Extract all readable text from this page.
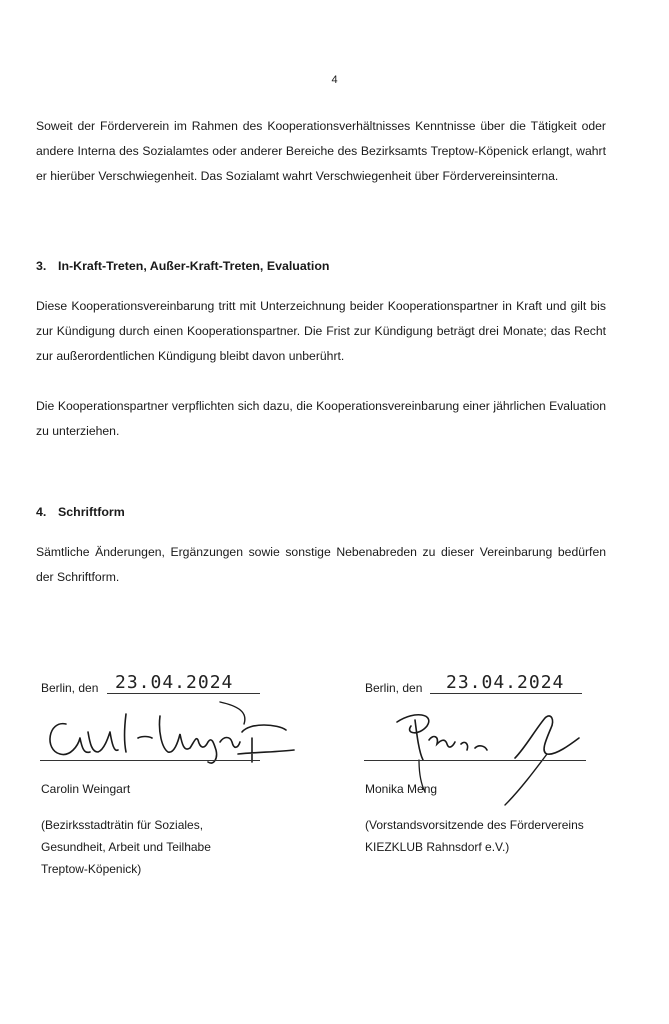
4
Soweit der Förderverein im Rahmen des Kooperationsverhältnisses Kenntnisse über die Tätigkeit oder andere Interna des Sozialamtes oder anderer Bereiche des Bezirksamts Treptow-Köpenick erlangt, wahrt er hierüber Verschwiegenheit. Das Sozialamt wahrt Verschwiegenheit über Fördervereinsinterna.
3. In-Kraft-Treten, Außer-Kraft-Treten, Evaluation
Diese Kooperationsvereinbarung tritt mit Unterzeichnung beider Kooperationspartner in Kraft und gilt bis zur Kündigung durch einen Kooperationspartner. Die Frist zur Kündigung beträgt drei Monate; das Recht zur außerordentlichen Kündigung bleibt davon unberührt.
Die Kooperationspartner verpflichten sich dazu, die Kooperationsvereinbarung einer jährlichen Evaluation zu unterziehen.
4. Schriftform
Sämtliche Änderungen, Ergänzungen sowie sonstige Nebenabreden zu dieser Vereinbarung bedürfen der Schriftform.
Berlin, den 23.04.2024
Carolin Weingart
(Bezirksstadträtin für Soziales,
Gesundheit, Arbeit und Teilhabe
Treptow-Köpenick)
Berlin, den 23.04.2024
Monika Meng
(Vorstandsvorsitzende des Fördervereins
KIEZKLUB Rahnsdorf e.V.)
